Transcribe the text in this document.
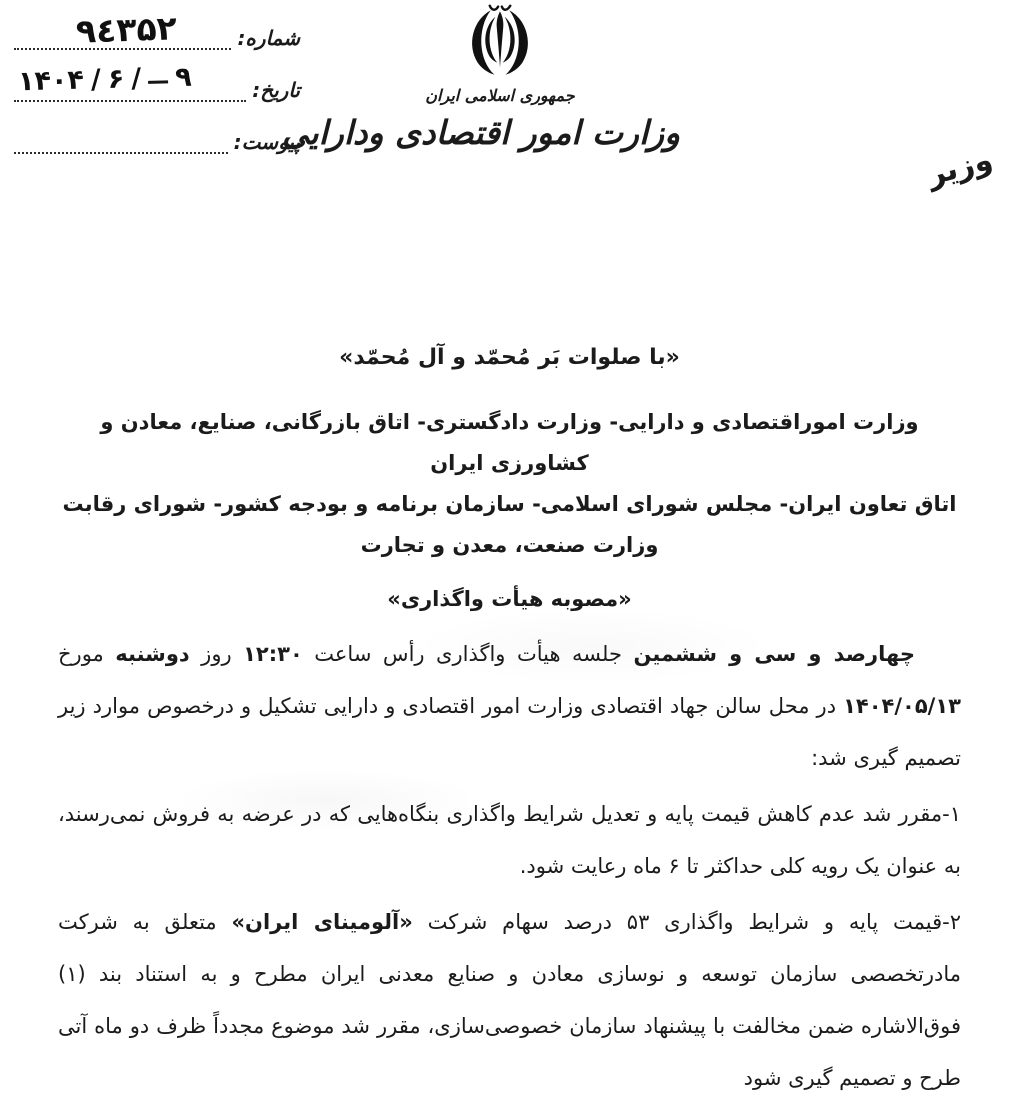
شماره:
تاریخ:
پیوست:
۹٤٣۵۲
۱۴۰۴ / ۶ / ۹
جمهوری اسلامی ایران
وزارت امور اقتصادی ودارایی
وزیر
«با صلوات بَر مُحمّد و آل مُحمّد»
وزارت اموراقتصادی و دارایی- وزارت دادگستری- اتاق بازرگانی، صنایع، معادن و کشاورزی ایران
اتاق تعاون ایران- مجلس شورای اسلامی- سازمان برنامه و بودجه کشور- شورای رقابت
وزارت صنعت، معدن و تجارت
«مصوبه هیأت واگذاری»

چهارصد و سی و ششمین جلسه هیأت واگذاری رأس ساعت ۱۲:۳۰ روز دوشنبه مورخ ۱۴۰۴/۰۵/۱۳ در محل سالن جهاد اقتصادی وزارت امور اقتصادی و دارایی تشکیل و درخصوص موارد زیر تصمیم گیری شد:

۱-مقرر شد عدم کاهش قیمت پایه و تعدیل شرایط واگذاری بنگاه‌هایی که در عرضه به فروش نمی‌رسند، به عنوان یک رویه کلی حداکثر تا ۶ ماه رعایت شود.

۲-قیمت پایه و شرایط واگذاری ۵۳ درصد سهام شرکت «آلومینای ایران» متعلق به شرکت مادرتخصصی سازمان توسعه و نوسازی معادن و صنایع معدنی ایران مطرح و به استناد بند (۱) فوق‌الاشاره ضمن مخالفت با پیشنهاد سازمان خصوصی‌سازی، مقرر شد موضوع مجدداً ظرف دو ماه آتی طرح و تصمیم گیری شود
